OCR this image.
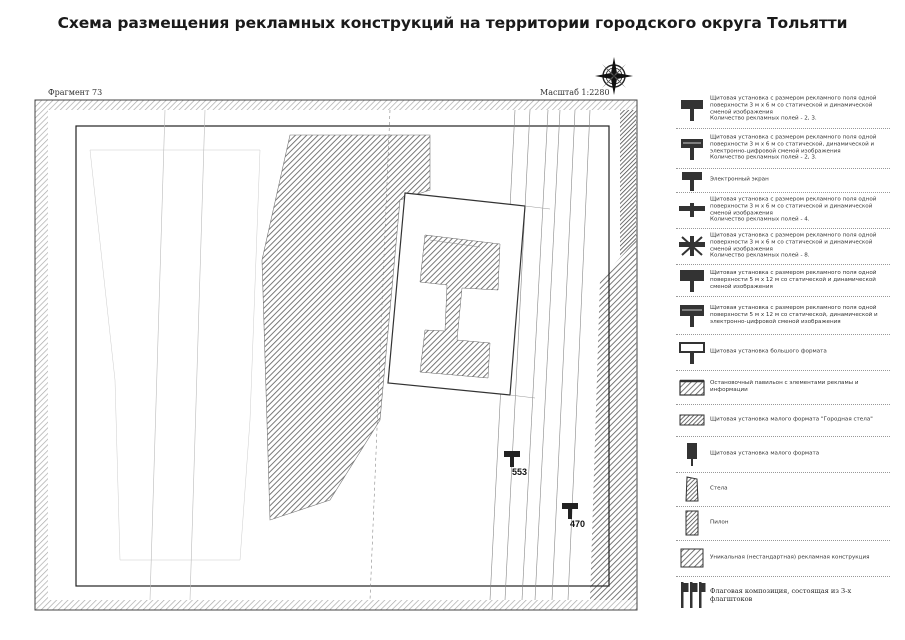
Схема размещения рекламных конструкций на территории городского округа Тольятти
553
470
Фрагмент 73	Масштаб 1:2280
Щитовая установка с размером рекламного поля одной поверхности 3 м х 6 м со статической и динамической сменой изображения
Количество рекламных полей - 2, 3.
Щитовая установка с размером рекламного поля одной поверхности 3 м х 6 м со статической, динамической и электронно-цифровой сменой изображения
Количество рекламных полей - 2, 3.
Электронный экран
Щитовая установка с размером рекламного поля одной поверхности 3 м х 6 м со статической и динамической сменой изображения
Количество рекламных полей - 4.
Щитовая установка с размером рекламного поля одной поверхности 3 м х 6 м со статической и динамической сменой изображения
Количество рекламных полей - 8.
Щитовая установка с размером рекламного поля одной поверхности 5 м х 12 м со статической и динамической сменой изображения
Щитовая установка с размером рекламного поля одной поверхности 5 м х 12 м со статической, динамической и электронно-цифровой сменой изображения
Щитовая установка большого формата
Остановочный павильон с элементами рекламы и информации
Щитовая установка малого формата "Городная стела"
Щитовая установка малого формата
Стела
Пилон
Уникальная (нестандартная) рекламная конструкция
Флаговая композиция, состоящая из 3-х флагштоков
